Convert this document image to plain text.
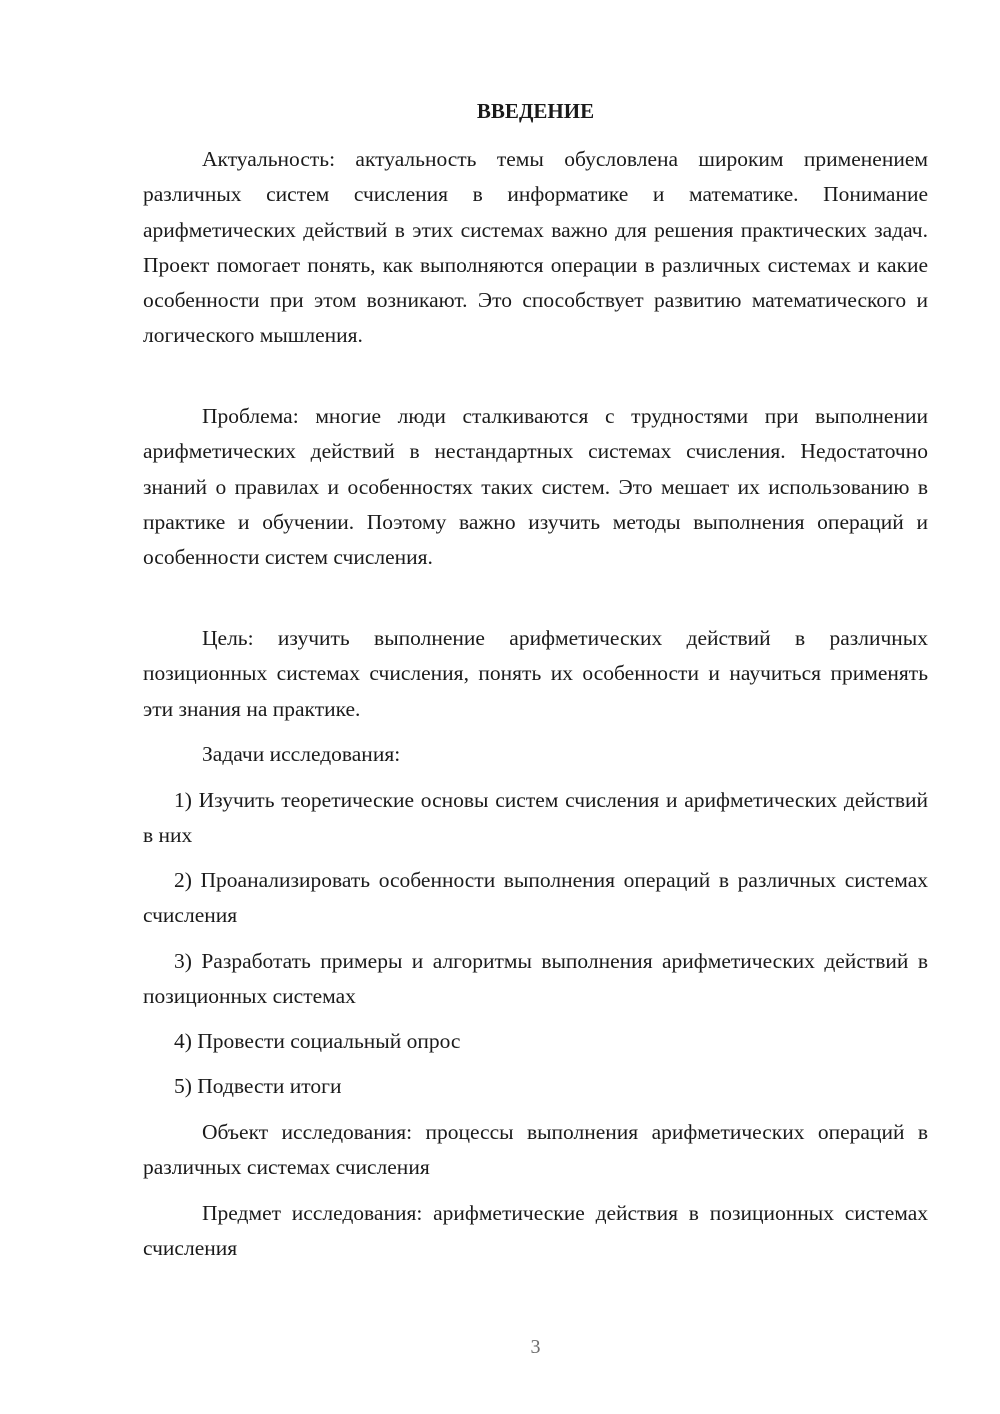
ВВЕДЕНИЕ

Актуальность: актуальность темы обусловлена широким применением различных систем счисления в информатике и математике. Понимание арифметических действий в этих системах важно для решения практических задач. Проект помогает понять, как выполняются операции в различных системах и какие особенности при этом возникают. Это способствует развитию математического и логического мышления.

Проблема: многие люди сталкиваются с трудностями при выполнении арифметических действий в нестандартных системах счисления. Недостаточно знаний о правилах и особенностях таких систем. Это мешает их использованию в практике и обучении. Поэтому важно изучить методы выполнения операций и особенности систем счисления.

Цель: изучить выполнение арифметических действий в различных позиционных системах счисления, понять их особенности и научиться применять эти знания на практике.

Задачи исследования:

1) Изучить теоретические основы систем счисления и арифметических действий в них

2) Проанализировать особенности выполнения операций в различных системах счисления

3) Разработать примеры и алгоритмы выполнения арифметических действий в позиционных системах

4) Провести социальный опрос

5) Подвести итоги

Объект исследования: процессы выполнения арифметических операций в различных системах счисления

Предмет исследования: арифметические действия в позиционных системах счисления

3
